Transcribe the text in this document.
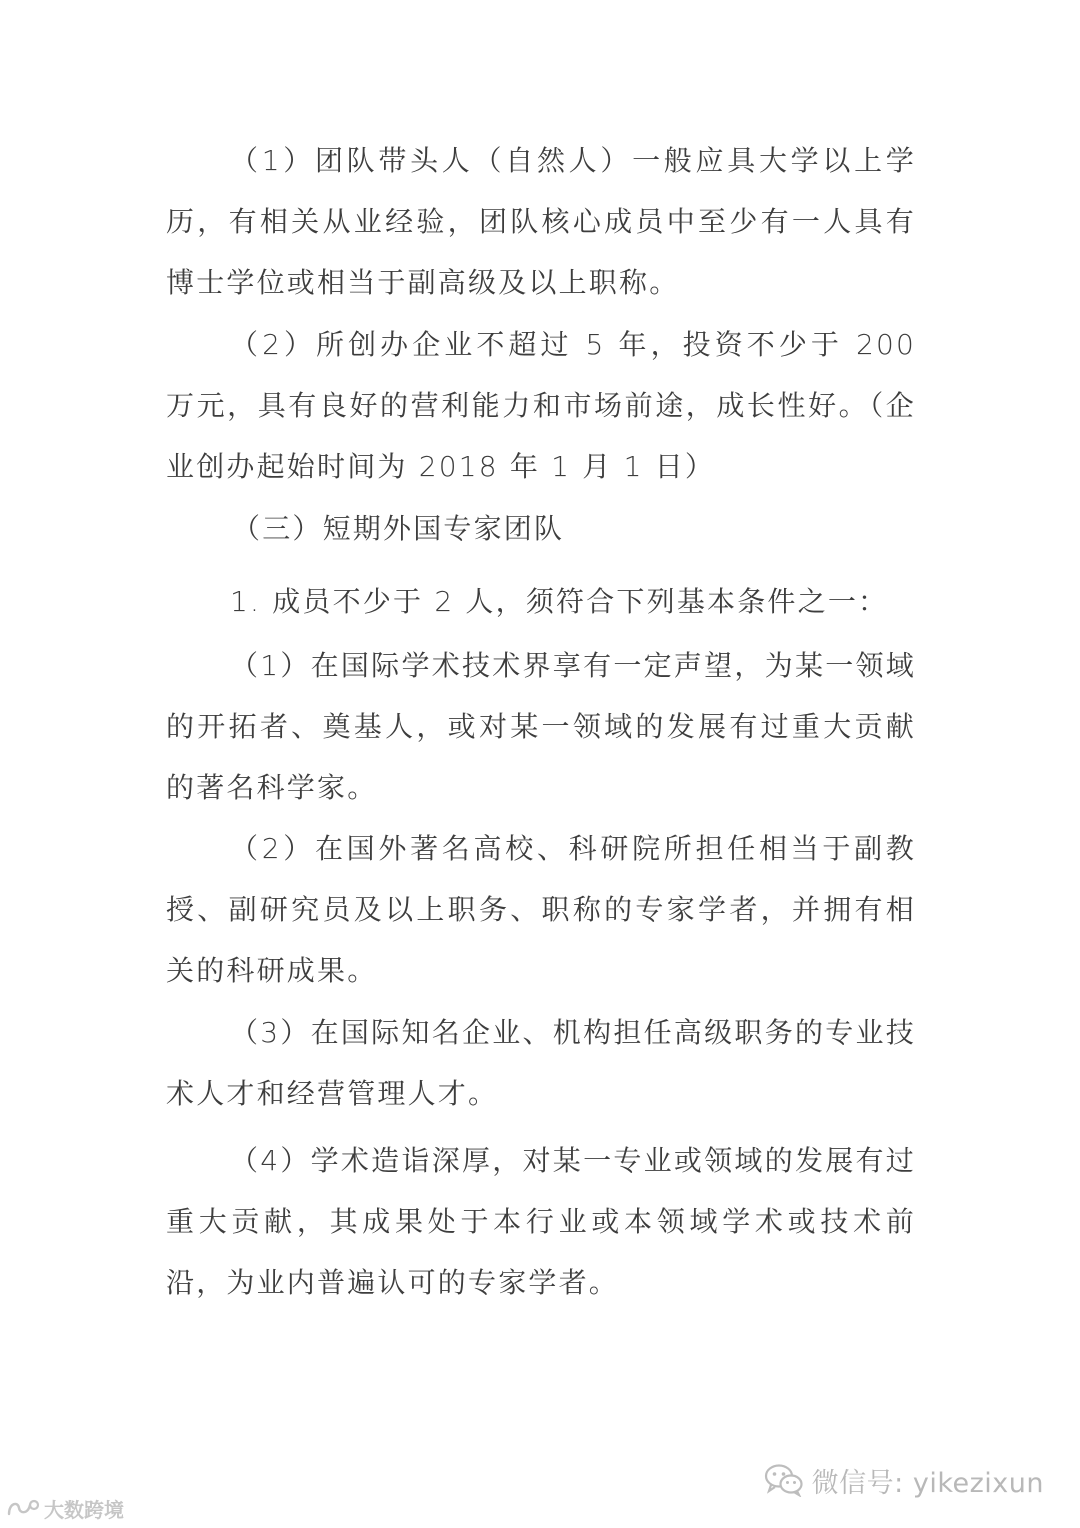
（1）团队带头人（自然人）一般应具大学以上学历，有相关从业经验，团队核心成员中至少有一人具有博士学位或相当于副高级及以上职称。

（2）所创办企业不超过 5 年，投资不少于 200 万元，具有良好的营利能力和市场前途，成长性好。（企业创办起始时间为 2018 年 1 月 1 日）

（三）短期外国专家团队

1. 成员不少于 2 人，须符合下列基本条件之一：

（1）在国际学术技术界享有一定声望，为某一领域的开拓者、奠基人，或对某一领域的发展有过重大贡献的著名科学家。

（2）在国外著名高校、科研院所担任相当于副教授、副研究员及以上职务、职称的专家学者，并拥有相关的科研成果。

（3）在国际知名企业、机构担任高级职务的专业技术人才和经营管理人才。

（4）学术造诣深厚，对某一专业或领域的发展有过重大贡献，其成果处于本行业或本领域学术或技术前沿，为业内普遍认可的专家学者。

微信号: yikezixun
大数跨境
